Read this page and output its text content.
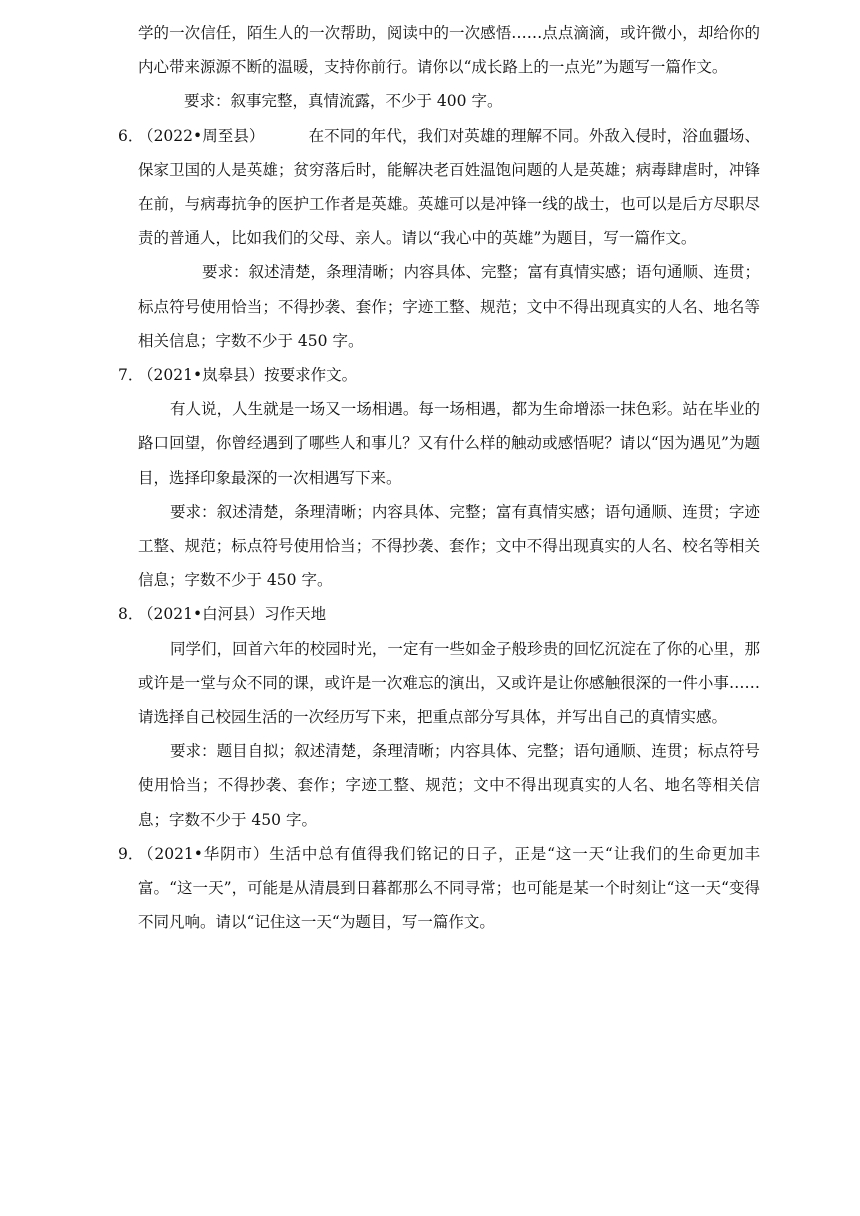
学的一次信任，陌生人的一次帮助，阅读中的一次感悟……点点滴滴，或许微小，却给你的内心带来源源不断的温暖，支持你前行。请你以“成长路上的一点光”为题写一篇作文。

要求：叙事完整，真情流露，不少于 400 字。

6．

（2022•周至县）	在不同的年代，我们对英雄的理解不同。外敌入侵时，浴血疆场、保家卫国的人是英雄；贫穷落后时，能解决老百姓温饱问题的人是英雄；病毒肆虐时，冲锋在前，与病毒抗争的医护工作者是英雄。英雄可以是冲锋一线的战士，也可以是后方尽职尽责的普通人，比如我们的父母、亲人。请以“我心中的英雄”为题目，写一篇作文。

要求：叙述清楚，条理清晰；内容具体、完整；富有真情实感；语句通顺、连贯；标点符号使用恰当；不得抄袭、套作；字迹工整、规范；文中不得出现真实的人名、地名等相关信息；字数不少于 450 字。

7．

（2021•岚皋县）按要求作文。

有人说，人生就是一场又一场相遇。每一场相遇，都为生命增添一抹色彩。站在毕业的路口回望，你曾经遇到了哪些人和事儿？又有什么样的触动或感悟呢？请以“因为遇见”为题目，选择印象最深的一次相遇写下来。

要求：叙述清楚，条理清晰；内容具体、完整；富有真情实感；语句通顺、连贯；字迹工整、规范；标点符号使用恰当；不得抄袭、套作；文中不得出现真实的人名、校名等相关信息；字数不少于 450 字。

8．

（2021•白河县）习作天地

同学们，回首六年的校园时光，一定有一些如金子般珍贵的回忆沉淀在了你的心里，那或许是一堂与众不同的课，或许是一次难忘的演出，又或许是让你感触很深的一件小事……请选择自己校园生活的一次经历写下来，把重点部分写具体，并写出自己的真情实感。

要求：题目自拟；叙述清楚，条理清晰；内容具体、完整；语句通顺、连贯；标点符号使用恰当；不得抄袭、套作；字迹工整、规范；文中不得出现真实的人名、地名等相关信息；字数不少于 450 字。

9．

（2021•华阴市）生活中总有值得我们铭记的日子，正是“这一天“让我们的生命更加丰富。“这一天”，可能是从清晨到日暮都那么不同寻常；也可能是某一个时刻让“这一天“变得不同凡响。请以“记住这一天“为题目，写一篇作文。
